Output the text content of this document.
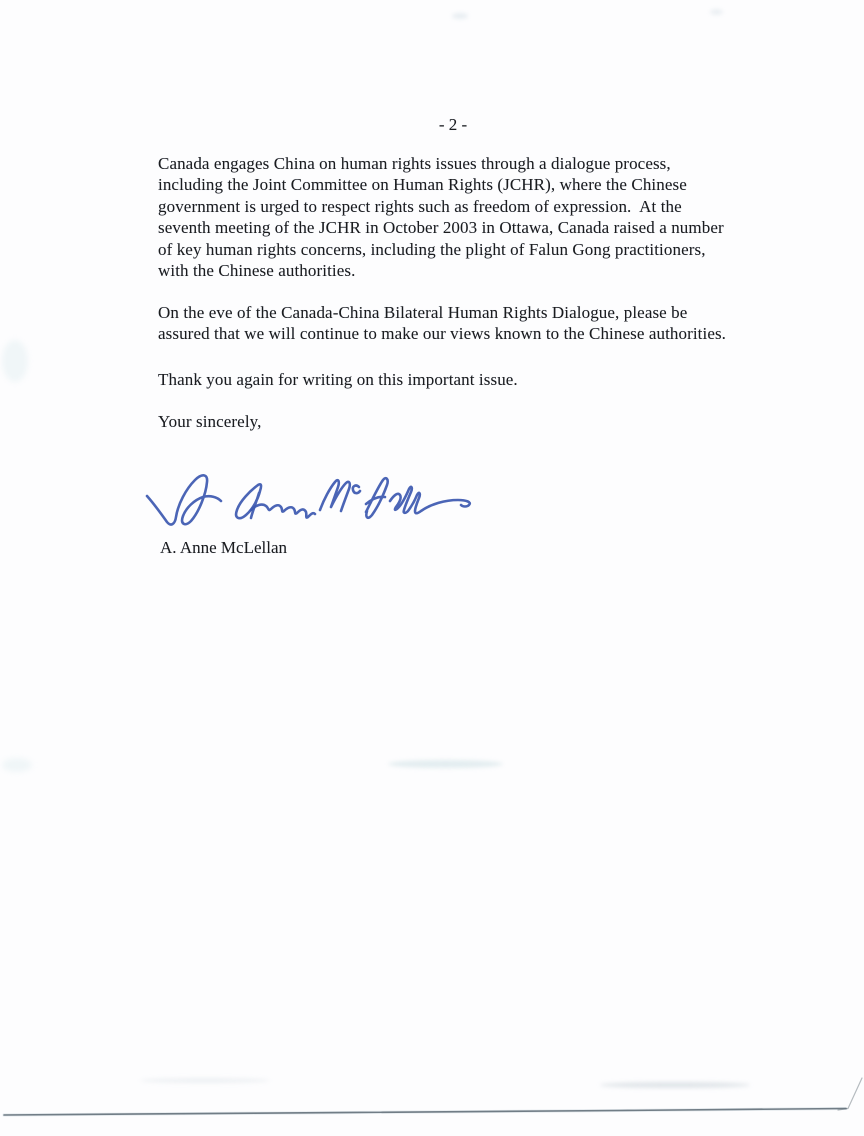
- 2 -
Canada engages China on human rights issues through a dialogue process,
including the Joint Committee on Human Rights (JCHR), where the Chinese
government is urged to respect rights such as freedom of expression.  At the
seventh meeting of the JCHR in October 2003 in Ottawa, Canada raised a number
of key human rights concerns, including the plight of Falun Gong practitioners,
with the Chinese authorities.
On the eve of the Canada-China Bilateral Human Rights Dialogue, please be
assured that we will continue to make our views known to the Chinese authorities.
Thank you again for writing on this important issue.
Your sincerely,
A. Anne McLellan
